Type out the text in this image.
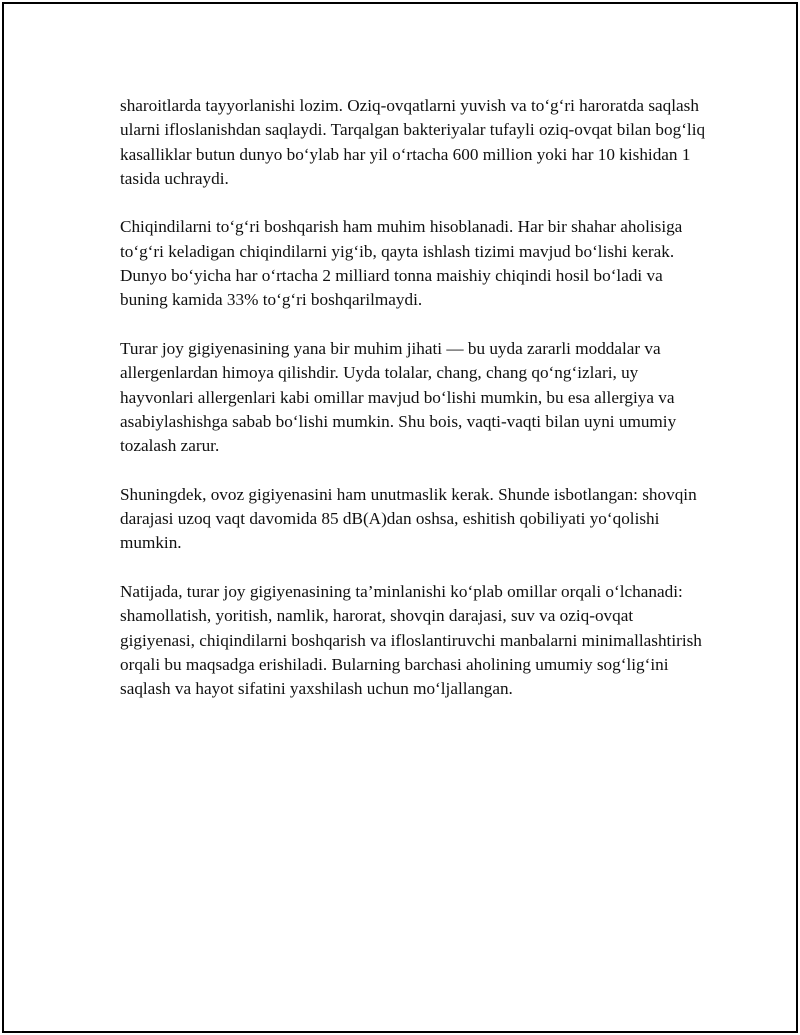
sharoitlarda tayyorlanishi lozim. Oziq-ovqatlarni yuvish va to‘g‘ri haroratda saqlash ularni ifloslanishdan saqlaydi. Tarqalgan bakteriyalar tufayli oziq-ovqat bilan bog‘liq kasalliklar butun dunyo bo‘ylab har yil o‘rtacha 600 million yoki har 10 kishidan 1 tasida uchraydi.

Chiqindilarni to‘g‘ri boshqarish ham muhim hisoblanadi. Har bir shahar aholisiga to‘g‘ri keladigan chiqindilarni yig‘ib, qayta ishlash tizimi mavjud bo‘lishi kerak. Dunyo bo‘yicha har o‘rtacha 2 milliard tonna maishiy chiqindi hosil bo‘ladi va buning kamida 33% to‘g‘ri boshqarilmaydi.

Turar joy gigiyenasining yana bir muhim jihati — bu uyda zararli moddalar va allergenlardan himoya qilishdir. Uyda tolalar, chang, chang qo‘ng‘izlari, uy hayvonlari allergenlari kabi omillar mavjud bo‘lishi mumkin, bu esa allergiya va asabiylashishga sabab bo‘lishi mumkin. Shu bois, vaqti-vaqti bilan uyni umumiy tozalash zarur.

Shuningdek, ovoz gigiyenasini ham unutmaslik kerak. Shunde isbotlangan: shovqin darajasi uzoq vaqt davomida 85 dB(A)dan oshsa, eshitish qobiliyati yo‘qolishi mumkin.

Natijada, turar joy gigiyenasining ta’minlanishi ko‘plab omillar orqali o‘lchanadi: shamollatish, yoritish, namlik, harorat, shovqin darajasi, suv va oziq-ovqat gigiyenasi, chiqindilarni boshqarish va ifloslantiruvchi manbalarni minimallashtirish orqali bu maqsadga erishiladi. Bularning barchasi aholining umumiy sog‘lig‘ini saqlash va hayot sifatini yaxshilash uchun mo‘ljallangan.
